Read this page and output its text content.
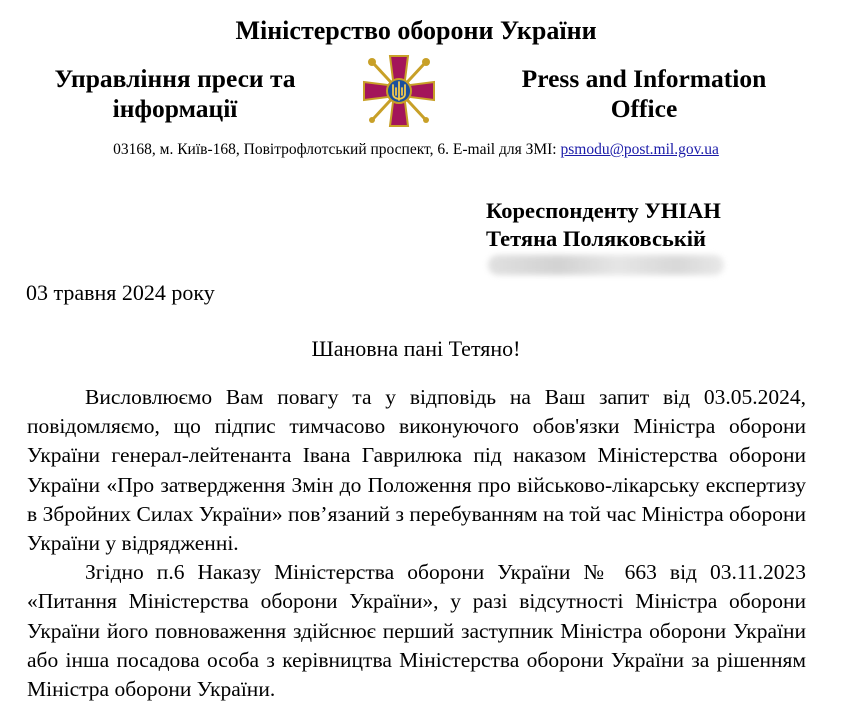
Міністерство оборони України
Управління преси та інформації
Press and Information Office
03168, м. Київ-168, Повітрофлотський проспект, 6. E-mail для ЗМІ: psmodu@post.mil.gov.ua
Кореспонденту УНІАН
Тетяна Поляковській
03 травня 2024 року
Шановна пані Тетяно!

Висловлюємо Вам повагу та у відповідь на Ваш запит від 03.05.2024, повідомляємо, що підпис тимчасово виконуючого обов'язки Міністра оборони України генерал-лейтенанта Івана Гаврилюка під наказом Міністерства оборони України «Про затвердження Змін до Положення про військово-лікарську експертизу в Збройних Силах України» пов’язаний з перебуванням на той час Міністра оборони України у відрядженні.

Згідно п.6 Наказу Міністерства оборони України № 663 від 03.11.2023 «Питання Міністерства оборони України», у разі відсутності Міністра оборони України його повноваження здійснює перший заступник Міністра оборони України або інша посадова особа з керівництва Міністерства оборони України за рішенням Міністра оборони України.
